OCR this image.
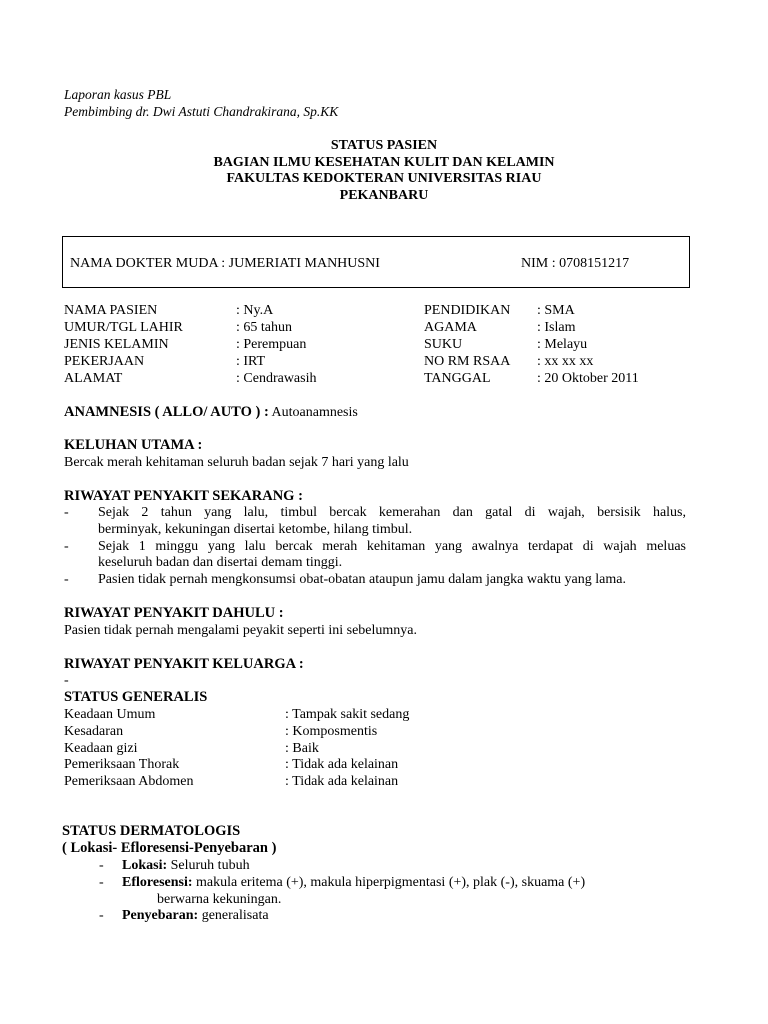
Laporan kasus PBL
Pembimbing dr. Dwi Astuti Chandrakirana, Sp.KK
STATUS PASIEN
BAGIAN ILMU KESEHATAN KULIT DAN KELAMIN
FAKULTAS KEDOKTERAN UNIVERSITAS RIAU
PEKANBARU
NAMA DOKTER MUDA : JUMERIATI MANHUSNI	NIM : 0708151217
NAMA PASIEN	: Ny.A
UMUR/TGL LAHIR	: 65 tahun
JENIS KELAMIN	: Perempuan
PEKERJAAN	: IRT
ALAMAT	: Cendrawasih
PENDIDIKAN : SMA
AGAMA	: Islam
SUKU	: Melayu
NO RM RSAA : xx xx xx
TANGGAL	: 20 Oktober 2011
ANAMNESIS ( ALLO/ AUTO ) : Autoanamnesis
KELUHAN UTAMA :
Bercak merah kehitaman seluruh badan sejak 7 hari yang lalu
RIWAYAT PENYAKIT SEKARANG :
- Sejak 2 tahun yang lalu, timbul bercak kemerahan dan gatal di wajah, bersisik halus,
berminyak, kekuningan disertai ketombe, hilang timbul.
- Sejak 1 minggu yang lalu bercak merah kehitaman yang awalnya terdapat di wajah meluas
keseluruh badan dan disertai demam tinggi.
- Pasien tidak pernah mengkonsumsi obat-obatan ataupun jamu dalam jangka waktu yang lama.
RIWAYAT PENYAKIT DAHULU :
Pasien tidak pernah mengalami peyakit seperti ini sebelumnya.
RIWAYAT PENYAKIT KELUARGA :
-
STATUS GENERALIS
Keadaan Umum	: Tampak sakit sedang
Kesadaran	: Komposmentis
Keadaan gizi	: Baik
Pemeriksaan Thorak	: Tidak ada kelainan
Pemeriksaan Abdomen	: Tidak ada kelainan
STATUS DERMATOLOGIS
( Lokasi- Efloresensi-Penyebaran )
- Lokasi: Seluruh tubuh
- Efloresensi: makula eritema (+), makula hiperpigmentasi (+), plak (-), skuama (+)
berwarna kekuningan.
- Penyebaran: generalisata
